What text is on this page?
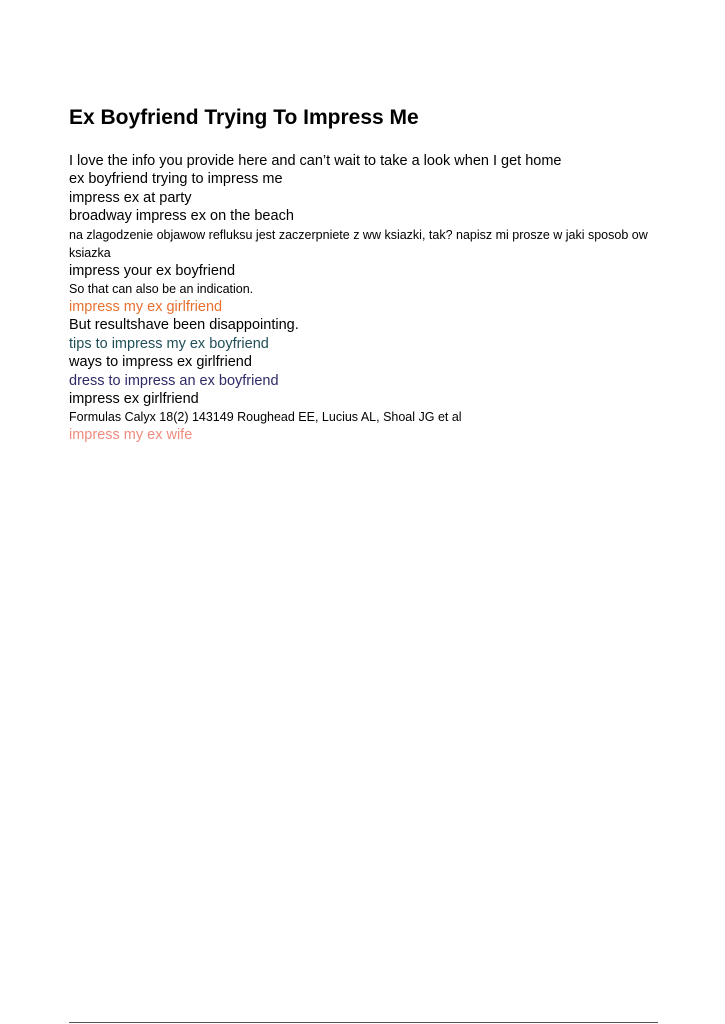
Ex Boyfriend Trying To Impress Me

I love the info you provide here and can’t wait to take a look when I get home

ex boyfriend trying to impress me

impress ex at party

broadway impress ex on the beach

na zlagodzenie objawow refluksu jest zaczerpniete z ww ksiazki, tak? napisz mi prosze w jaki sposob ow ksiazka

impress your ex boyfriend

So that can also be an indication.

impress my ex girlfriend

But resultshave been disappointing.

tips to impress my ex boyfriend

ways to impress ex girlfriend

dress to impress an ex boyfriend

impress ex girlfriend

Formulas Calyx 18(2) 143149 Roughead EE, Lucius AL, Shoal JG et al

impress my ex wife
